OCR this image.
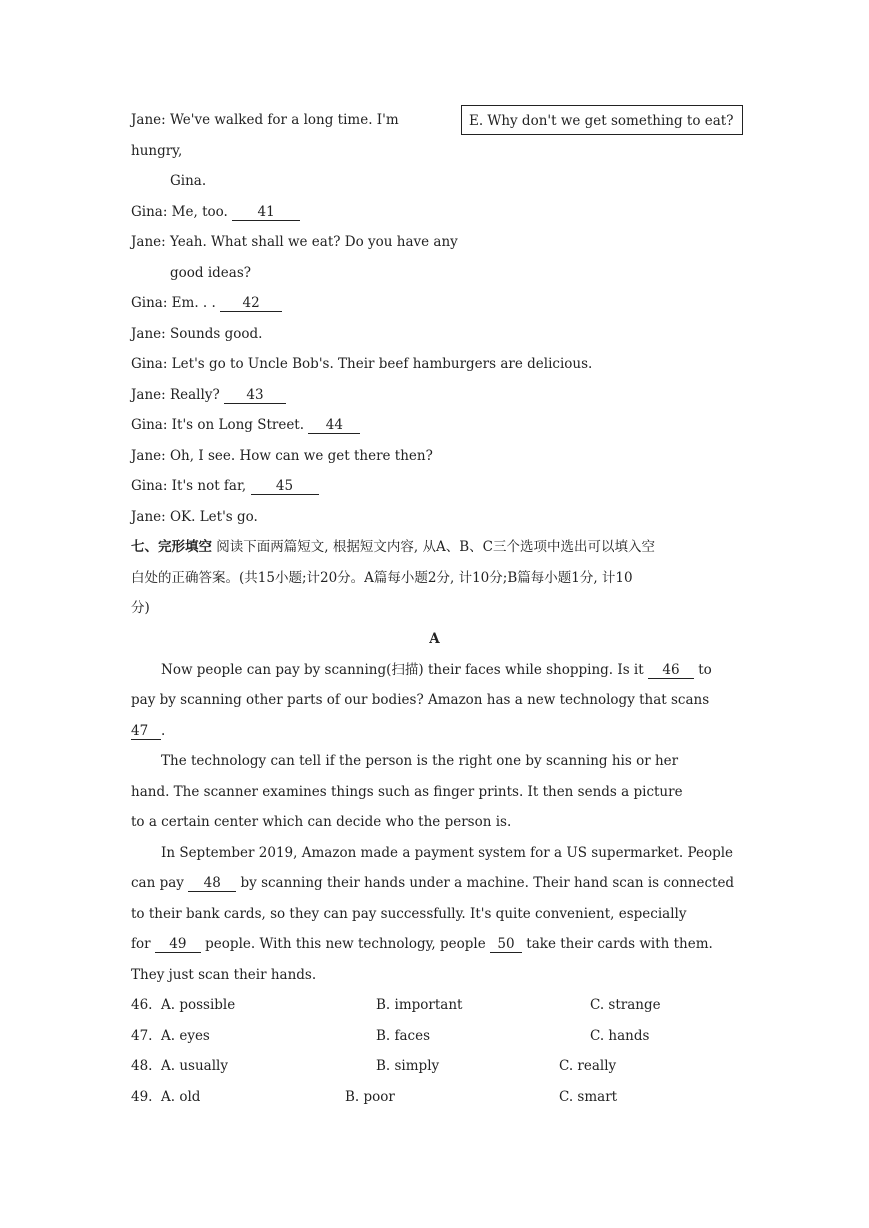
Jane: We've walked for a long time. I'm	E. Why don't we get something to eat?
hungry,
Gina.
Gina: Me, too. 41
Jane: Yeah. What shall we eat? Do you have any
good ideas?
Gina: Em. . . 42
Jane: Sounds good.
Gina: Let's go to Uncle Bob's. Their beef hamburgers are delicious.
Jane: Really? 43
Gina: It's on Long Street. 44
Jane: Oh, I see. How can we get there then?
Gina: It's not far, 45
Jane: OK. Let's go.
七、完形填空 阅读下面两篇短文, 根据短文内容, 从A、B、C三个选项中选出可以填入空
白处的正确答案。(共15小题;计20分。A篇每小题2分, 计10分;B篇每小题1分, 计10
分)
A
Now people can pay by scanning(扫描) their faces while shopping. Is it 46 to
pay by scanning other parts of our bodies? Amazon has a new technology that scans
47 .
The technology can tell if the person is the right one by scanning his or her
hand. The scanner examines things such as finger prints. It then sends a picture
to a certain center which can decide who the person is.
In September 2019, Amazon made a payment system for a US supermarket. People
can pay 48 by scanning their hands under a machine. Their hand scan is connected
to their bank cards, so they can pay successfully. It's quite convenient, especially
for 49 people. With this new technology, people 50 take their cards with them.
They just scan their hands.
46. A. possible	B. important	C. strange
47. A. eyes	B. faces	C. hands
48. A. usually	B. simply	C. really
49. A. old	B. poor	C. smart
